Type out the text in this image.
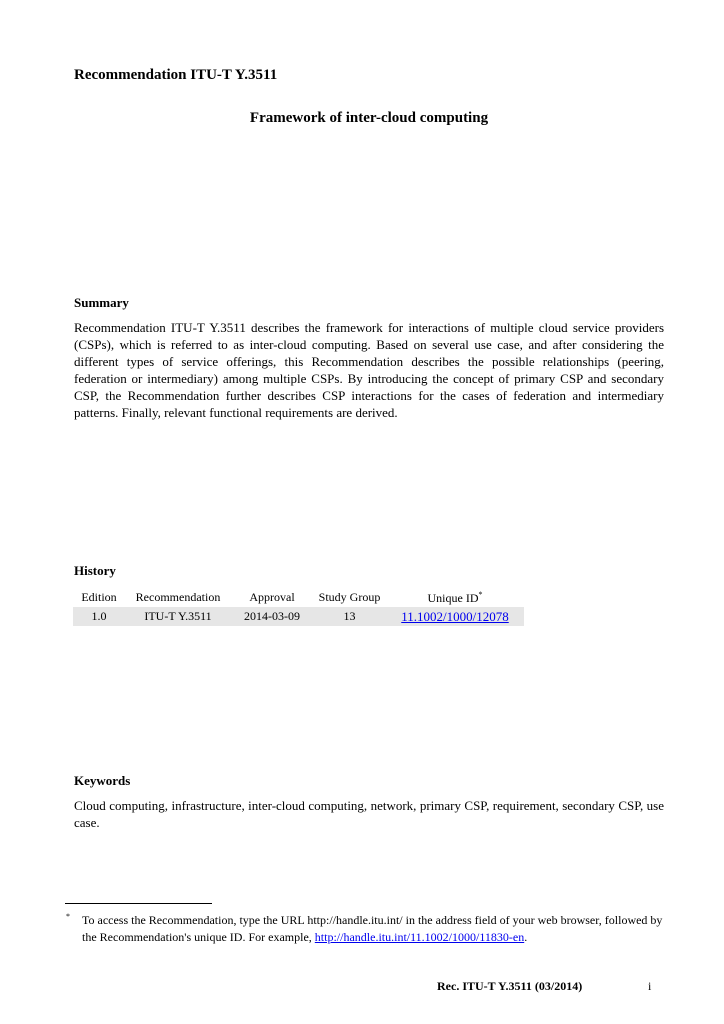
Recommendation ITU-T Y.3511
Framework of inter-cloud computing
Summary
Recommendation ITU-T Y.3511 describes the framework for interactions of multiple cloud service providers (CSPs), which is referred to as inter-cloud computing. Based on several use case, and after considering the different types of service offerings, this Recommendation describes the possible relationships (peering, federation or intermediary) among multiple CSPs. By introducing the concept of primary CSP and secondary CSP, the Recommendation further describes CSP interactions for the cases of federation and intermediary patterns. Finally, relevant functional requirements are derived.
History
Edition	Recommendation	Approval	Study Group	Unique ID*
1.0	ITU-T Y.3511	2014-03-09	13	11.1002/1000/12078
Keywords
Cloud computing, infrastructure, inter-cloud computing, network, primary CSP, requirement, secondary CSP, use case.
* To access the Recommendation, type the URL http://handle.itu.int/ in the address field of your web browser, followed by the Recommendation's unique ID. For example, http://handle.itu.int/11.1002/1000/11830-en.
Rec. ITU-T Y.3511 (03/2014)	i
